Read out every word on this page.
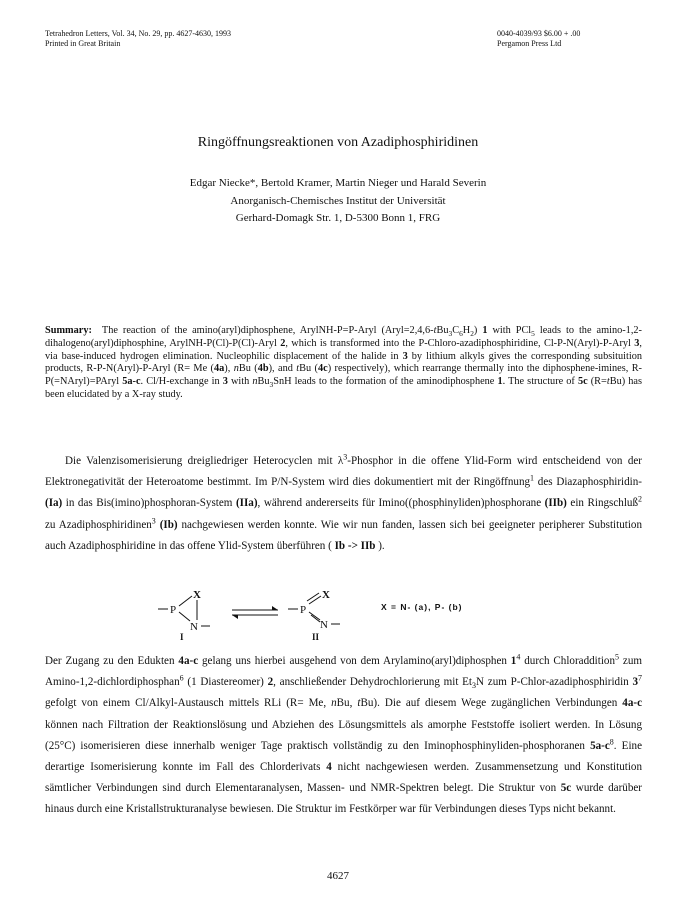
Tetrahedron Letters, Vol. 34, No. 29, pp. 4627-4630, 1993
Printed in Great Britain
0040-4039/93 $6.00 + .00
Pergamon Press Ltd
Ringöffnungsreaktionen von Azadiphosphiridinen
Edgar Niecke*, Bertold Kramer, Martin Nieger und Harald Severin
Anorganisch-Chemisches Institut der Universität
Gerhard-Domagk Str. 1, D-5300 Bonn 1, FRG
Summary: The reaction of the amino(aryl)diphosphene, ArylNH-P=P-Aryl $(Aryl=2,4,6-tBu_3C_6H_2)$ 1 with PCl$_5$ leads to the amino-1,2-dihalogeno(aryl)diphosphine, ArylNH-P(Cl)-P(Cl)-Aryl 2, which is transformed into the P-Chloro-azadiphosphiridine, Cl-P-N(Aryl)-P-Aryl 3, via base-induced hydrogen elimination. Nucleophilic displacement of the halide in 3 by lithium alkyls gives the corresponding subsituition products, R-P-N(Aryl)-P-Aryl (R= Me (4a), nBu (4b), and tBu (4c) respectively), which rearrange thermally into the diphosphene-imines, R-P(=NAryl)=PAryl 5a-c. Cl/H-exchange in 3 with nBu$_3$SnH leads to the formation of the aminodiphosphene 1. The structure of 5c (R=tBu) has been elucidated by a X-ray study.
Die Valenzisomerisierung dreigliedriger Heterocyclen mit $\lambda^3$-Phosphor in die offene Ylid-Form wird entscheidend von der Elektronegativität der Heteroatome bestimmt. Im P/N-System wird dies dokumentiert mit der Ringöffnung$^1$ des Diazaphosphiridin- (Ia) in das Bis(imino)phosphoran-System (IIa), während andererseits für Imino((phosphinyliden)phosphorane (IIb) ein Ringschluß$^2$ zu Azadiphosphiridinen$^3$ (Ib) nachgewiesen werden konnte. Wie wir nun fanden, lassen sich bei geeigneter peripherer Substitution auch Azadiphosphiridine in das offene Ylid-System überführen ( Ib -> IIb ).
P
X
N
I
P
X
N
II
X = N- (a), P- (b)
Der Zugang zu den Edukten 4a-c gelang uns hierbei ausgehend von dem Arylamino(aryl)diphosphen $1^4$ durch Chloraddition$^5$ zum Amino-1,2-dichlordiphosphan$^6$ (1 Diastereomer) 2, anschließender Dehydrochlorierung mit $Et_3N$ zum P-Chlor-azadiphosphiridin $3^7$ gefolgt von einem Cl/Alkyl-Austausch mittels RLi (R= Me, nBu, tBu). Die auf diesem Wege zugänglichen Verbindungen 4a-c können nach Filtration der Reaktionslösung und Abziehen des Lösungsmittels als amorphe Feststoffe isoliert werden. In Lösung (25°C) isomerisieren diese innerhalb weniger Tage praktisch vollständig zu den Iminophosphinyliden-phosphoranen $5a-c^8$. Eine derartige Isomerisierung konnte im Fall des Chlorderivats 4 nicht nachgewiesen werden. Zusammensetzung und Konstitution sämtlicher Verbindungen sind durch Elementaranalysen, Massen- und NMR-Spektren belegt. Die Struktur von 5c wurde darüber hinaus durch eine Kristallstrukturanalyse bewiesen. Die Struktur im Festkörper war für Verbindungen dieses Typs nicht bekannt.
4627
